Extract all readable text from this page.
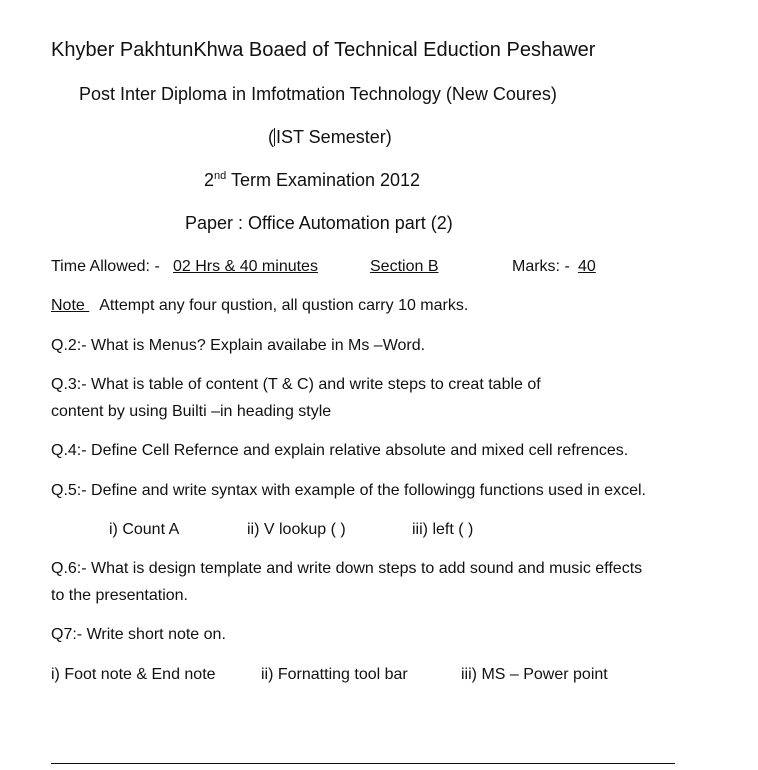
Khyber PakhtunKhwa Boaed of Technical Eduction Peshawer
Post Inter Diploma in Imfotmation Technology (New Coures)
( IST Semester)
2nd Term Examination 2012
Paper : Office Automation part (2)
Time Allowed: - 02 Hrs & 40 minutes	Section B	Marks: - 40
Note Attempt any four qustion, all qustion carry 10 marks.
Q.2:- What is Menus? Explain availabe in Ms –Word.
Q.3:- What is table of content (T & C) and write steps to creat table of
content by using Builti –in heading style
Q.4:- Define Cell Refernce and explain relative absolute and mixed cell refrences.
Q.5:- Define and write syntax with example of the followingg functions used in excel.
i) Count A	ii) V lookup ( )	iii) left ( )
Q.6:- What is design template and write down steps to add sound and music effects
to the presentation.
Q7:- Write short note on.
i) Foot note & End note	ii) Fornatting tool bar	iii) MS – Power point
